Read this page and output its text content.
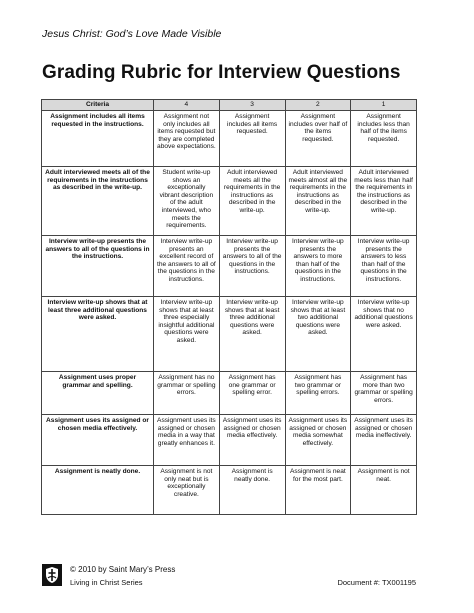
Jesus Christ: God’s Love Made Visible
Grading Rubric for Interview Questions
Criteria	4	3	2	1
Assignment includes all items requested in the instructions.	Assignment not only includes all items requested but they are completed above expectations.	Assignment includes all items requested.	Assignment includes over half of the items requested.	Assignment includes less than half of the items requested.
Adult interviewed meets all of the requirements in the instructions as described in the write-up.	Student write-up shows an exceptionally vibrant description of the adult interviewed, who meets the requirements.	Adult interviewed meets all the requirements in the instructions as described in the write-up.	Adult interviewed meets almost all the requirements in the instructions as described in the write-up.	Adult interviewed meets less than half the requirements in the instructions as described in the write-up.
Interview write-up presents the answers to all of the questions in the instructions.	Interview write-up presents an excellent record of the answers to all of the questions in the instructions.	Interview write-up presents the answers to all of the questions in the instructions.	Interview write-up presents the answers to more than half of the questions in the instructions.	Interview write-up presents the answers to less than half of the questions in the instructions.
Interview write-up shows that at least three additional questions were asked.	Interview write-up shows that at least three especially insightful additional questions were asked.	Interview write-up shows that at least three additional questions were asked.	Interview write-up shows that at least two additional questions were asked.	Interview write-up shows that no additional questions were asked.
Assignment uses proper grammar and spelling.	Assignment has no grammar or spelling errors.	Assignment has one grammar or spelling error.	Assignment has two grammar or spelling errors.	Assignment has more than two grammar or spelling errors.
Assignment uses its assigned or chosen media effectively.	Assignment uses its assigned or chosen media in a way that greatly enhances it.	Assignment uses its assigned or chosen media effectively.	Assignment uses its assigned or chosen media somewhat effectively.	Assignment uses its assigned or chosen media ineffectively.
Assignment is neatly done.	Assignment is not only neat but is exceptionally creative.	Assignment is neatly done.	Assignment is neat for the most part.	Assignment is not neat.
© 2010 by Saint Mary’s Press
Living in Christ Series	Document #: TX001195
